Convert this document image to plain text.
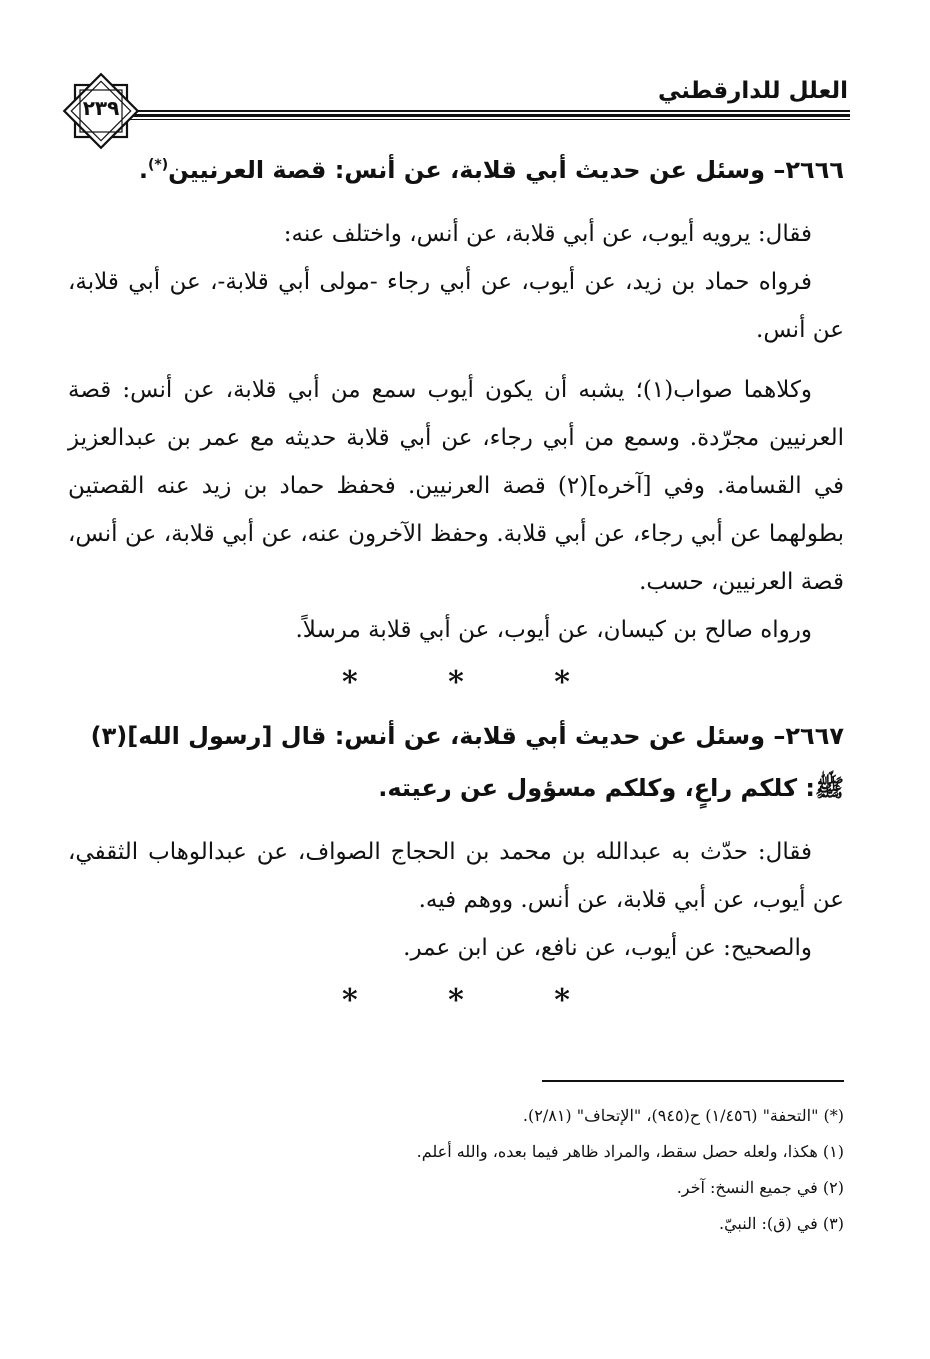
العلل للدارقطني
٢٣٩
٢٦٦٦– وسئل عن حديث أبي قلابة، عن أنس: قصة العرنيين(*).

فقال: يرويه أيوب، عن أبي قلابة، عن أنس، واختلف عنه:

فرواه حماد بن زيد، عن أيوب، عن أبي رجاء -مولى أبي قلابة-، عن أبي قلابة، عن أنس.

وكلاهما صواب(١)؛ يشبه أن يكون أيوب سمع من أبي قلابة، عن أنس: قصة العرنيين مجرّدة. وسمع من أبي رجاء، عن أبي قلابة حديثه مع عمر بن عبدالعزيز في القسامة. وفي [آخره](٢) قصة العرنيين. فحفظ حماد بن زيد عنه القصتين بطولهما عن أبي رجاء، عن أبي قلابة. وحفظ الآخرون عنه، عن أبي قلابة، عن أنس، قصة العرنيين، حسب.

ورواه صالح بن كيسان، عن أيوب، عن أبي قلابة مرسلاً.

* * *
٢٦٦٧– وسئل عن حديث أبي قلابة، عن أنس: قال [رسول الله](٣) ﷺ: كلكم راعٍ، وكلكم مسؤول عن رعيته.

فقال: حدّث به عبدالله بن محمد بن الحجاج الصواف، عن عبدالوهاب الثقفي، عن أيوب، عن أبي قلابة، عن أنس. ووهم فيه.

والصحيح: عن أيوب، عن نافع، عن ابن عمر.

* * *
(*) "التحفة" (١/٤٥٦) ح(٩٤٥)، "الإتحاف" (٢/٨١).
(١) هكذا، ولعله حصل سقط، والمراد ظاهر فيما بعده، والله أعلم.
(٢) في جميع النسخ: آخر.
(٣) في (ق): النبيّ.
